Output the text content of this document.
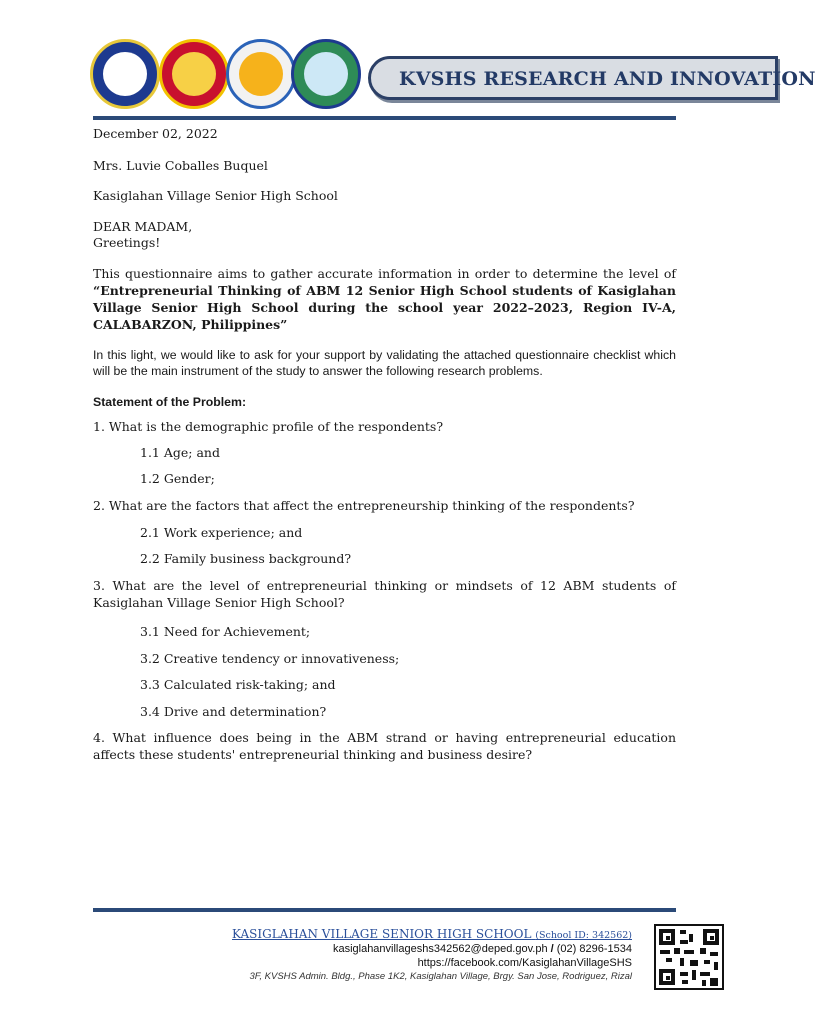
KVSHS RESEARCH AND INNOVATION
December 02, 2022
Mrs. Luvie Coballes Buquel
Kasiglahan Village Senior High School
DEAR MADAM,
Greetings!
This questionnaire aims to gather accurate information in order to determine the level of “Entrepreneurial Thinking of ABM 12 Senior High School students of Kasiglahan Village Senior High School during the school year 2022–2023, Region IV-A, CALABARZON, Philippines”
In this light, we would like to ask for your support by validating the attached questionnaire checklist which will be the main instrument of the study to answer the following research problems.
Statement of the Problem:
1. What is the demographic profile of the respondents?
1.1 Age; and
1.2 Gender;
2. What are the factors that affect the entrepreneurship thinking of the respondents?
2.1 Work experience; and
2.2 Family business background?
3. What are the level of entrepreneurial thinking or mindsets of 12 ABM students of Kasiglahan Village Senior High School?
3.1 Need for Achievement;
3.2 Creative tendency or innovativeness;
3.3 Calculated risk-taking; and
3.4 Drive and determination?
4. What influence does being in the ABM strand or having entrepreneurial education affects these students' entrepreneurial thinking and business desire?
KASIGLAHAN VILLAGE SENIOR HIGH SCHOOL (School ID: 342562)
kasiglahanvillageshs342562@deped.gov.ph / (02) 8296-1534
https://facebook.com/KasiglahanVillageSHS
3F, KVSHS Admin. Bldg., Phase 1K2, Kasiglahan Village, Brgy. San Jose, Rodriguez, Rizal
